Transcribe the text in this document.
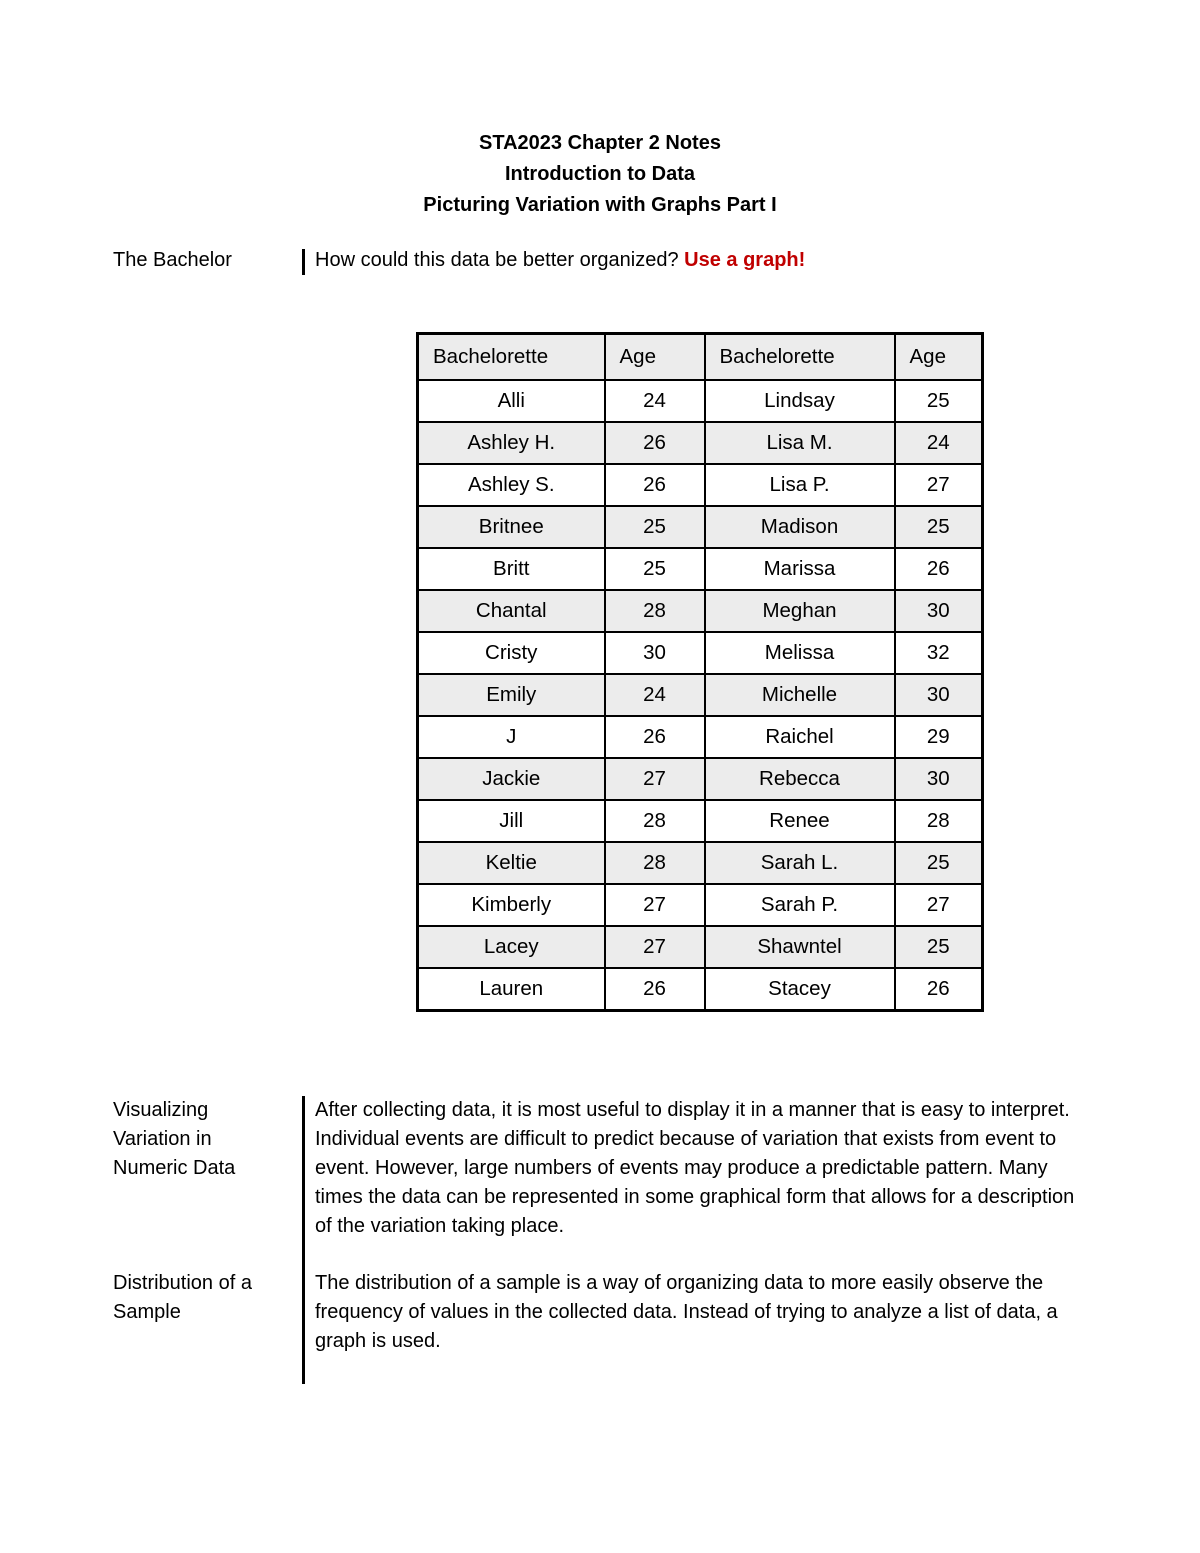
STA2023 Chapter 2 Notes
Introduction to Data
Picturing Variation with Graphs Part I
The Bachelor	How could this data be better organized? Use a graph!
Bachelorette	Age	Bachelorette	Age
Alli	24	Lindsay	25
Ashley H.	26	Lisa M.	24
Ashley S.	26	Lisa P.	27
Britnee	25	Madison	25
Britt	25	Marissa	26
Chantal	28	Meghan	30
Cristy	30	Melissa	32
Emily	24	Michelle	30
J	26	Raichel	29
Jackie	27	Rebecca	30
Jill	28	Renee	28
Keltie	28	Sarah L.	25
Kimberly	27	Sarah P.	27
Lacey	27	Shawntel	25
Lauren	26	Stacey	26
Visualizing
Variation in
Numeric Data
After collecting data, it is most useful to display it in a manner that is easy to interpret. Individual events are difficult to predict because of variation that exists from event to event. However, large numbers of events may produce a predictable pattern. Many times the data can be represented in some graphical form that allows for a description of the variation taking place.
Distribution of a
Sample
The distribution of a sample is a way of organizing data to more easily observe the frequency of values in the collected data. Instead of trying to analyze a list of data, a graph is used.
